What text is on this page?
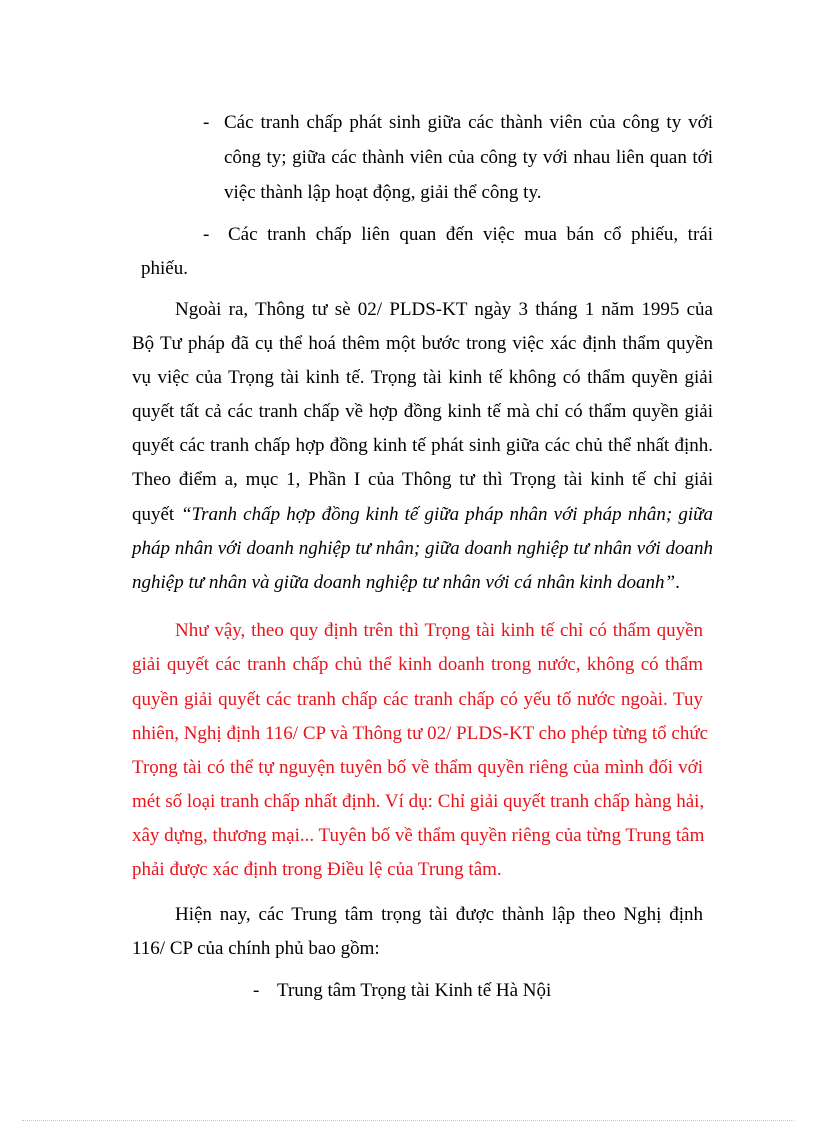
- Các tranh chấp phát sinh giữa các thành viên của công ty với
công ty; giữa các thành viên của công ty với nhau liên quan tới
việc thành lập hoạt động, giải thể công ty.
- Các tranh chấp liên quan đến việc mua bán cổ phiếu, trái
phiếu.
Ngoài ra, Thông tư sè 02/ PLDS-KT ngày 3 tháng 1 năm 1995 của
Bộ Tư pháp đã cụ thể hoá thêm một bước trong việc xác định thẩm quyền
vụ việc của Trọng tài kinh tế. Trọng tài kinh tế không có thẩm quyền giải
quyết tất cả các tranh chấp về hợp đồng kinh tế mà chỉ có thẩm quyền giải
quyết các tranh chấp hợp đồng kinh tế phát sinh giữa các chủ thể nhất định.
Theo điểm a, mục 1, Phần I của Thông tư thì Trọng tài kinh tế chỉ giải
quyết “Tranh chấp hợp đồng kinh tế giữa pháp nhân với pháp nhân; giữa
pháp nhân với doanh nghiệp tư nhân; giữa doanh nghiệp tư nhân với doanh
nghiệp tư nhân và giữa doanh nghiệp tư nhân với cá nhân kinh doanh”.
Như vậy, theo quy định trên thì Trọng tài kinh tế chỉ có thẩm quyền
giải quyết các tranh chấp chủ thể kinh doanh trong nước, không có thẩm
quyền giải quyết các tranh chấp các tranh chấp có yếu tố nước ngoài. Tuy
nhiên, Nghị định 116/ CP và Thông tư 02/ PLDS-KT cho phép từng tổ chức
Trọng tài có thể tự nguyện tuyên bố về thẩm quyền riêng của mình đối với
mét số loại tranh chấp nhất định. Ví dụ: Chỉ giải quyết tranh chấp hàng hải,
xây dựng, thương mại... Tuyên bố về thẩm quyền riêng của từng Trung tâm
phải được xác định trong Điều lệ của Trung tâm.
Hiện nay, các Trung tâm trọng tài được thành lập theo Nghị định
116/ CP của chính phủ bao gồm:
- Trung tâm Trọng tài Kinh tế Hà Nội
